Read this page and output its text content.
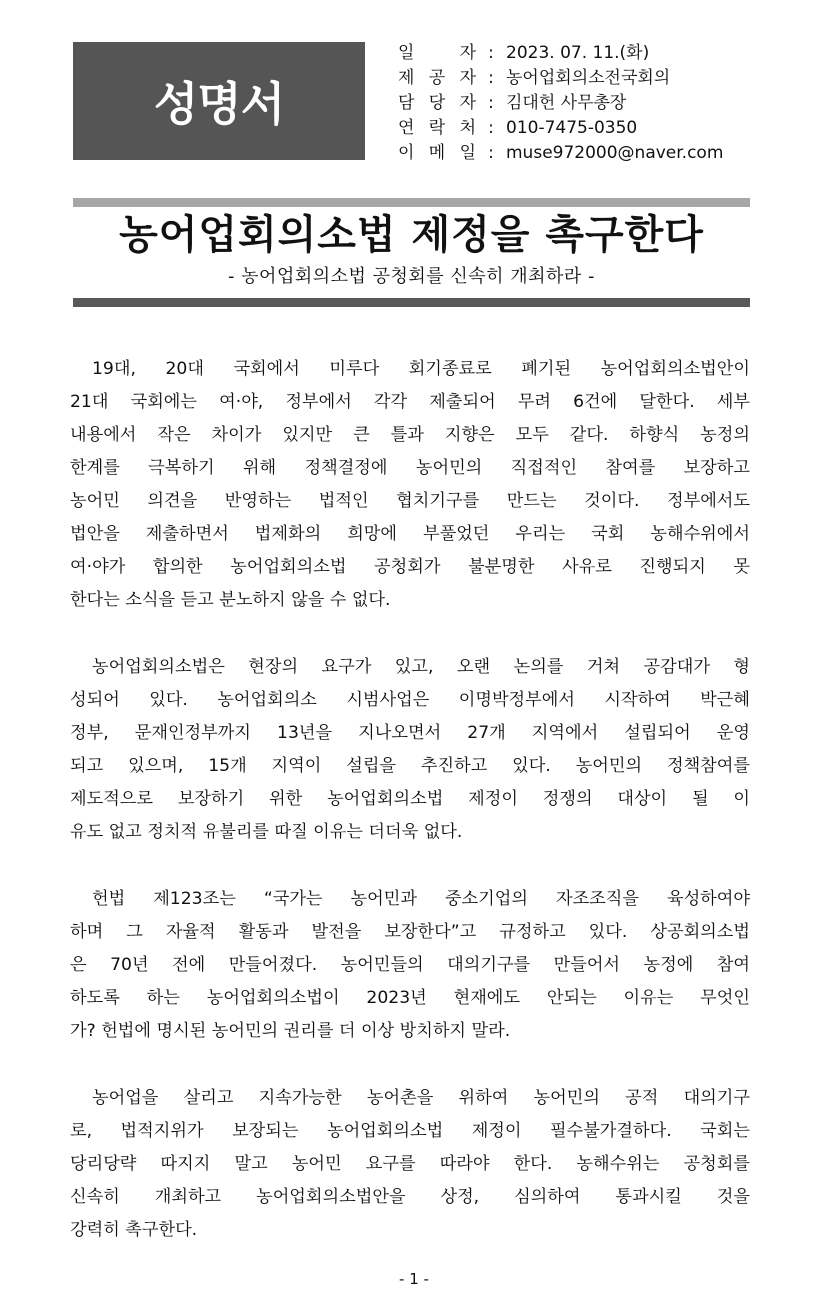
성명서
일	자 : 2023. 07. 11.(화)
제 공 자 : 농어업회의소전국회의
담 당 자 : 김대헌 사무총장
연 락 처 : 010-7475-0350
이 메 일 : muse972000@naver.com
농어업회의소법 제정을 촉구한다
- 농어업회의소법 공청회를 신속히 개최하라 -
19대, 20대 국회에서 미루다 회기종료로 폐기된 농어업회의소법안이
21대 국회에는 여·야, 정부에서 각각 제출되어 무려 6건에 달한다. 세부
내용에서 작은 차이가 있지만 큰 틀과 지향은 모두 같다. 하향식 농정의
한계를 극복하기 위해 정책결정에 농어민의 직접적인 참여를 보장하고
농어민 의견을 반영하는 법적인 협치기구를 만드는 것이다. 정부에서도
법안을 제출하면서 법제화의 희망에 부풀었던 우리는 국회 농해수위에서
여·야가 합의한 농어업회의소법 공청회가 불분명한 사유로 진행되지 못
한다는 소식을 듣고 분노하지 않을 수 없다.
농어업회의소법은 현장의 요구가 있고, 오랜 논의를 거쳐 공감대가 형
성되어 있다. 농어업회의소 시범사업은 이명박정부에서 시작하여 박근혜
정부, 문재인정부까지 13년을 지나오면서 27개 지역에서 설립되어 운영
되고 있으며, 15개 지역이 설립을 추진하고 있다. 농어민의 정책참여를
제도적으로 보장하기 위한 농어업회의소법 제정이 정쟁의 대상이 될 이
유도 없고 정치적 유불리를 따질 이유는 더더욱 없다.
헌법 제123조는 “국가는 농어민과 중소기업의 자조조직을 육성하여야
하며 그 자율적 활동과 발전을 보장한다”고 규정하고 있다. 상공회의소법
은 70년 전에 만들어졌다. 농어민들의 대의기구를 만들어서 농정에 참여
하도록 하는 농어업회의소법이 2023년 현재에도 안되는 이유는 무엇인
가? 헌법에 명시된 농어민의 권리를 더 이상 방치하지 말라.
농어업을 살리고 지속가능한 농어촌을 위하여 농어민의 공적 대의기구
로, 법적지위가 보장되는 농어업회의소법 제정이 필수불가결하다. 국회는
당리당략 따지지 말고 농어민 요구를 따라야 한다. 농해수위는 공청회를
신속히 개최하고 농어업회의소법안을 상정, 심의하여 통과시킬 것을
강력히 촉구한다.
- 1 -
